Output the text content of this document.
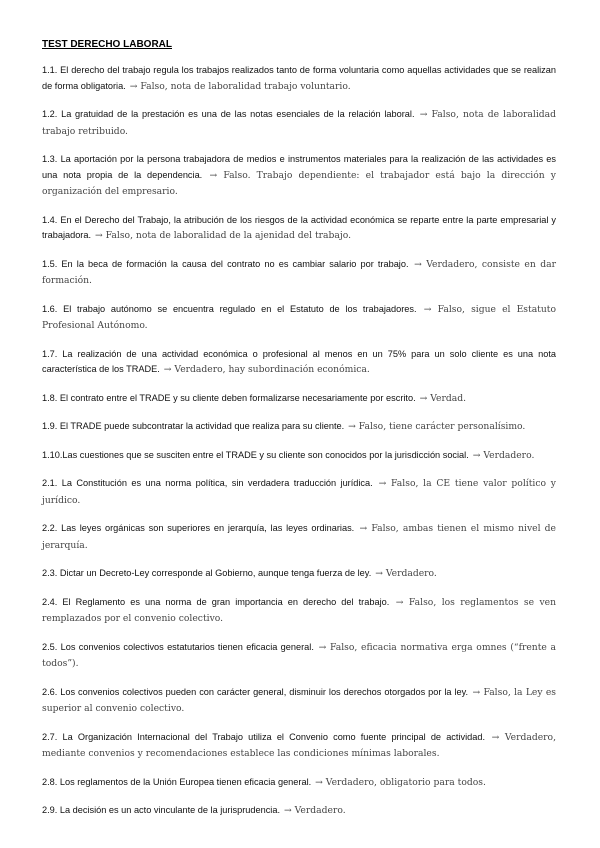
TEST DERECHO LABORAL

1.1. El derecho del trabajo regula los trabajos realizados tanto de forma voluntaria como aquellas actividades que se realizan de forma obligatoria. → Falso, nota de laboralidad trabajo voluntario.

1.2. La gratuidad de la prestación es una de las notas esenciales de la relación laboral. → Falso, nota de laboralidad trabajo retribuido.

1.3. La aportación por la persona trabajadora de medios e instrumentos materiales para la realización de las actividades es una nota propia de la dependencia. → Falso. Trabajo dependiente: el trabajador está bajo la dirección y organización del empresario.

1.4. En el Derecho del Trabajo, la atribución de los riesgos de la actividad económica se reparte entre la parte empresarial y trabajadora. → Falso, nota de laboralidad de la ajenidad del trabajo.

1.5. En la beca de formación la causa del contrato no es cambiar salario por trabajo. → Verdadero, consiste en dar formación.

1.6. El trabajo autónomo se encuentra regulado en el Estatuto de los trabajadores. → Falso, sigue el Estatuto Profesional Autónomo.

1.7. La realización de una actividad económica o profesional al menos en un 75% para un solo cliente es una nota característica de los TRADE. → Verdadero, hay subordinación económica.

1.8. El contrato entre el TRADE y su cliente deben formalizarse necesariamente por escrito. → Verdad.

1.9. El TRADE puede subcontratar la actividad que realiza para su cliente. → Falso, tiene carácter personalísimo.

1.10.Las cuestiones que se susciten entre el TRADE y su cliente son conocidos por la jurisdicción social. → Verdadero.

2.1. La Constitución es una norma política, sin verdadera traducción jurídica. → Falso, la CE tiene valor político y jurídico.

2.2. Las leyes orgánicas son superiores en jerarquía, las leyes ordinarias. → Falso, ambas tienen el mismo nivel de jerarquía.

2.3. Dictar un Decreto-Ley corresponde al Gobierno, aunque tenga fuerza de ley. → Verdadero.

2.4. El Reglamento es una norma de gran importancia en derecho del trabajo. → Falso, los reglamentos se ven remplazados por el convenio colectivo.

2.5. Los convenios colectivos estatutarios tienen eficacia general. → Falso, eficacia normativa erga omnes (“frente a todos”).

2.6. Los convenios colectivos pueden con carácter general, disminuir los derechos otorgados por la ley. → Falso, la Ley es superior al convenio colectivo.

2.7. La Organización Internacional del Trabajo utiliza el Convenio como fuente principal de actividad. → Verdadero, mediante convenios y recomendaciones establece las condiciones mínimas laborales.

2.8. Los reglamentos de la Unión Europea tienen eficacia general. → Verdadero, obligatorio para todos.

2.9. La decisión es un acto vinculante de la jurisprudencia. → Verdadero.
